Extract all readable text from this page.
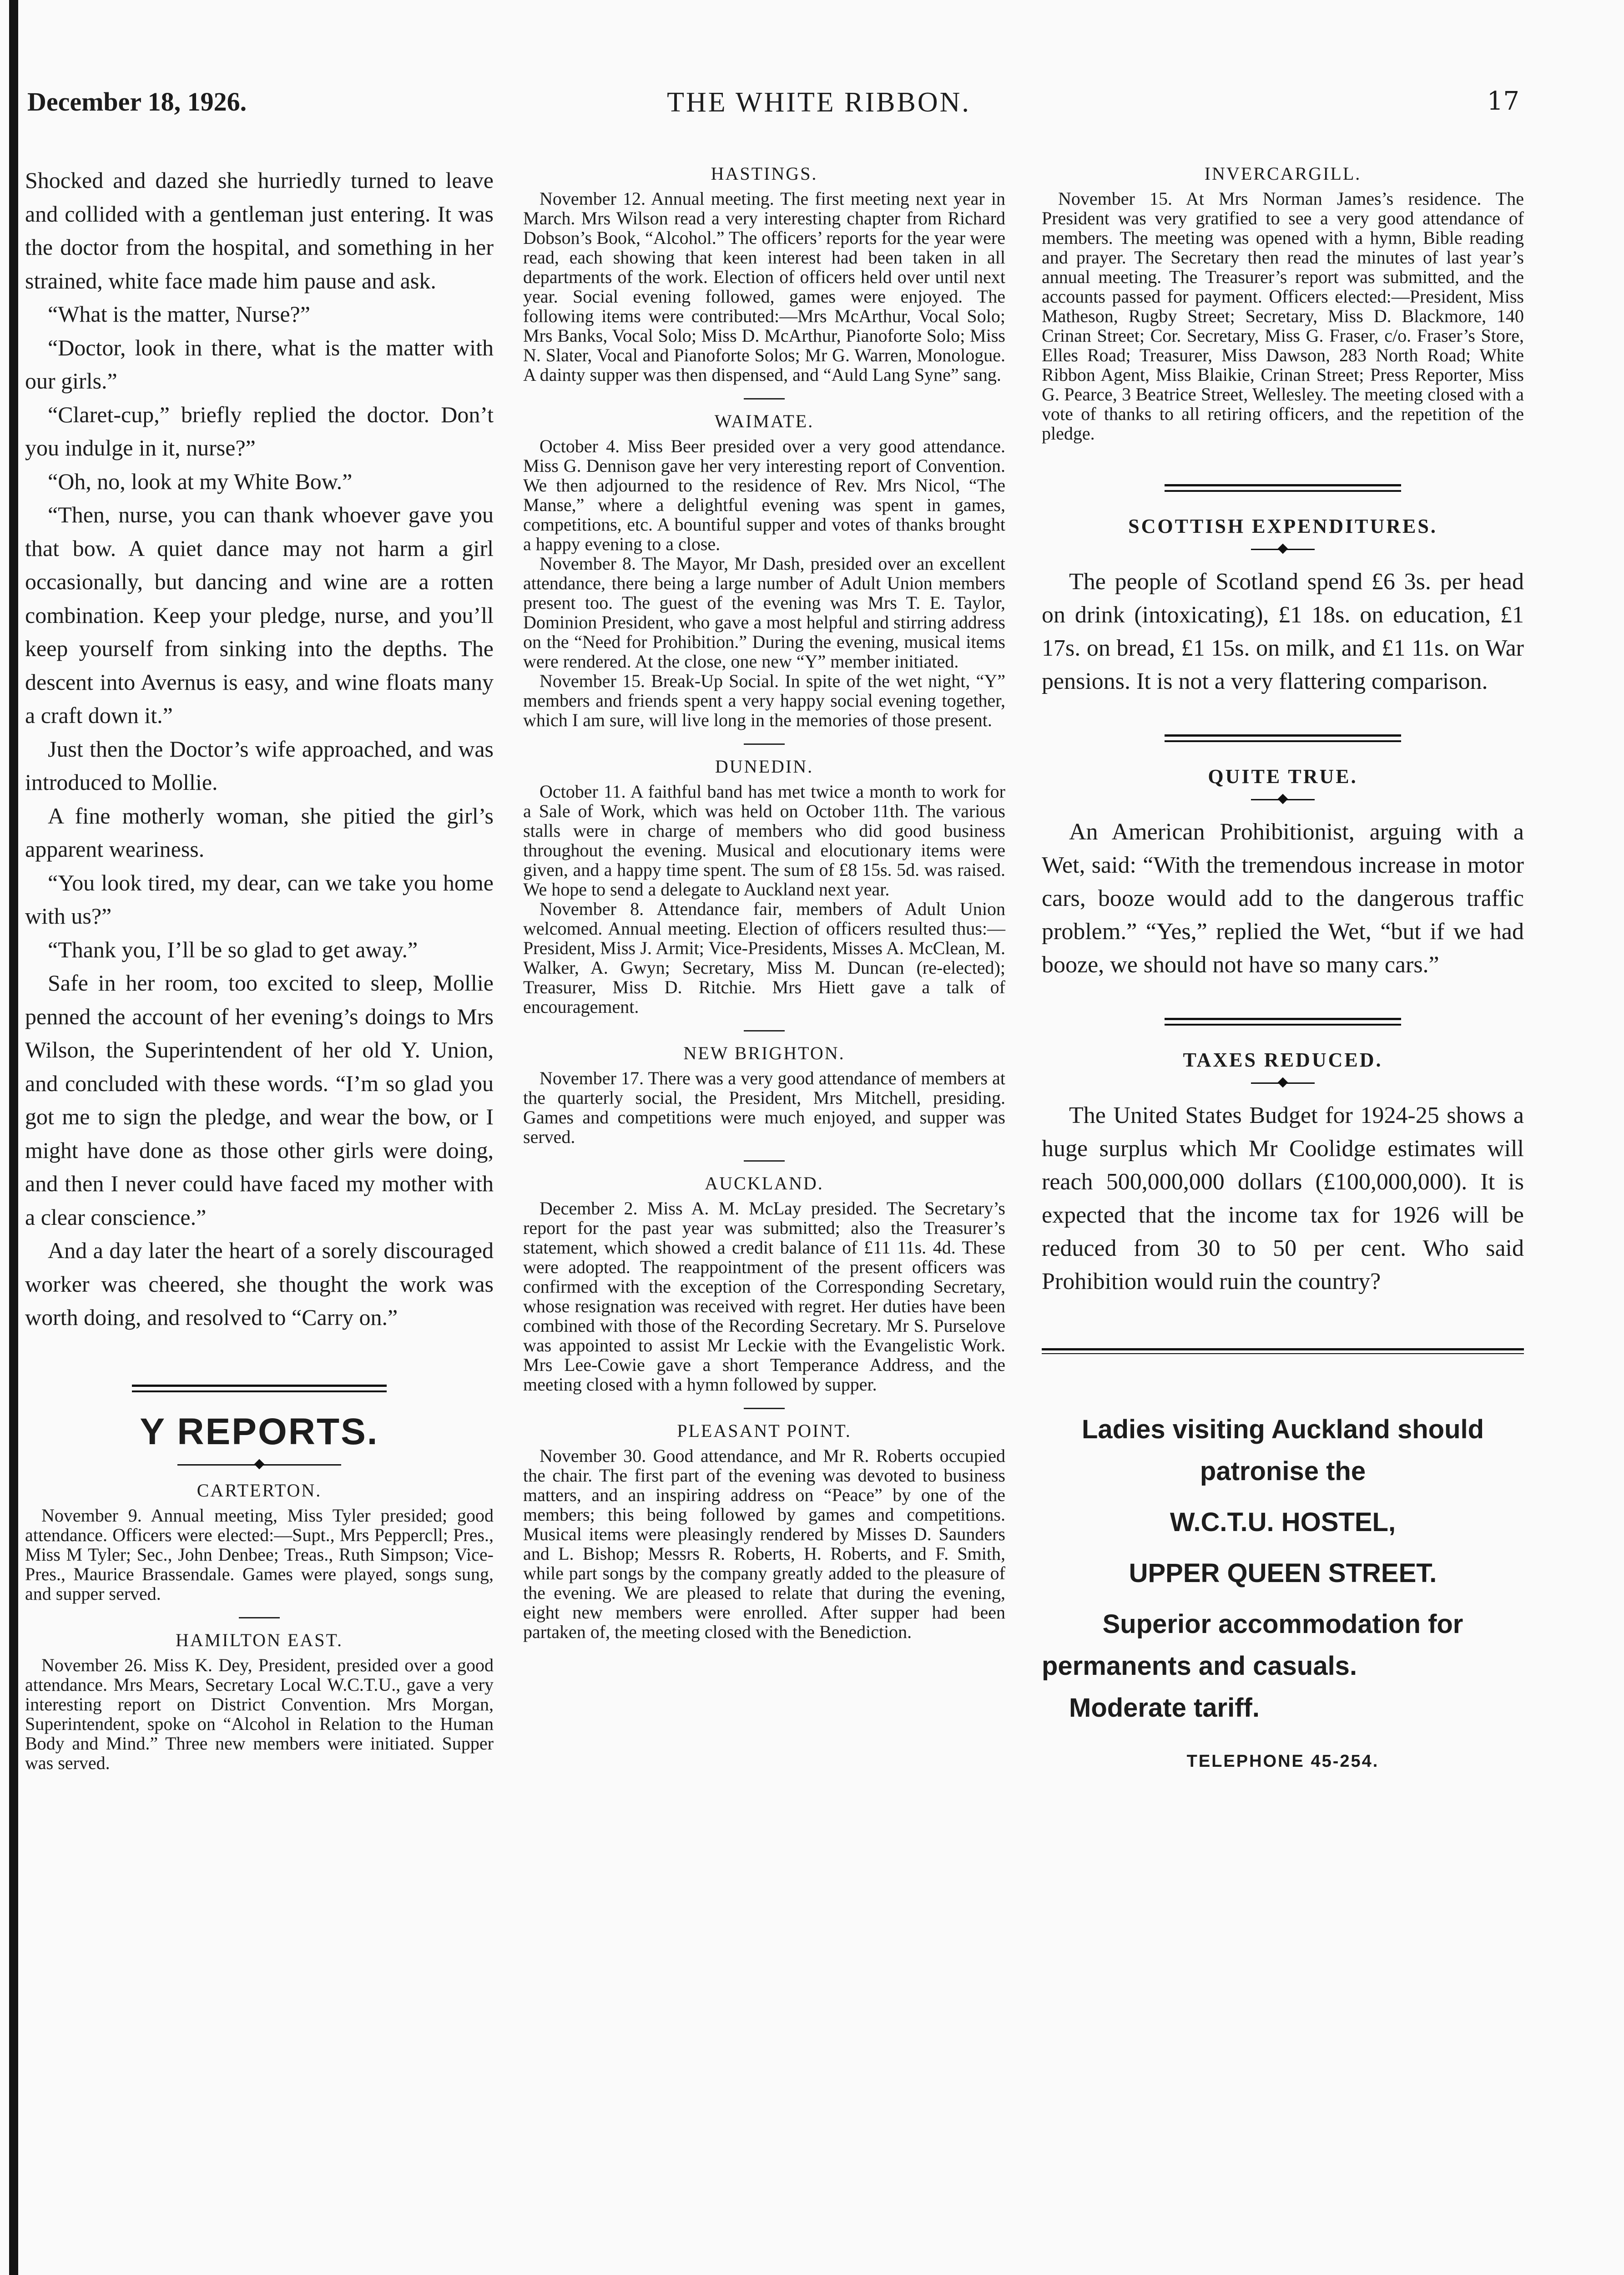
December 18, 1926.	THE WHITE RIBBON.	17

Shocked and dazed she hurriedly turned to leave and collided with a gentleman just entering. It was the doctor from the hospital, and something in her strained, white face made him pause and ask.

“What is the matter, Nurse?”

“Doctor, look in there, what is the matter with our girls.”

“Claret-cup,” briefly replied the doctor. Don’t you indulge in it, nurse?”

“Oh, no, look at my White Bow.”

“Then, nurse, you can thank whoever gave you that bow. A quiet dance may not harm a girl occasionally, but dancing and wine are a rotten combination. Keep your pledge, nurse, and you’ll keep yourself from sinking into the depths. The descent into Avernus is easy, and wine floats many a craft down it.”

Just then the Doctor’s wife approached, and was introduced to Mollie.

A fine motherly woman, she pitied the girl’s apparent weariness.

“You look tired, my dear, can we take you home with us?”

“Thank you, I’ll be so glad to get away.”

Safe in her room, too excited to sleep, Mollie penned the account of her evening’s doings to Mrs Wilson, the Superintendent of her old Y. Union, and concluded with these words. “I’m so glad you got me to sign the pledge, and wear the bow, or I might have done as those other girls were doing, and then I never could have faced my mother with a clear conscience.”

And a day later the heart of a sorely discouraged worker was cheered, she thought the work was worth doing, and resolved to “Carry on.”

Y REPORTS.
CARTERTON.

November 9. Annual meeting, Miss Tyler presided; good attendance. Officers were elected:—Supt., Mrs Peppercll; Pres., Miss M Tyler; Sec., John Denbee; Treas., Ruth Simpson; Vice-Pres., Maurice Brassendale. Games were played, songs sung, and supper served.

HAMILTON EAST.

November 26. Miss K. Dey, President, presided over a good attendance. Mrs Mears, Secretary Local W.C.T.U., gave a very interesting report on District Convention. Mrs Morgan, Superintendent, spoke on “Alcohol in Relation to the Human Body and Mind.” Three new members were initiated. Supper was served.

HASTINGS.

November 12. Annual meeting. The first meeting next year in March. Mrs Wilson read a very interesting chapter from Richard Dobson’s Book, “Alcohol.” The officers’ reports for the year were read, each showing that keen interest had been taken in all departments of the work. Election of officers held over until next year. Social evening followed, games were enjoyed. The following items were contributed:—Mrs McArthur, Vocal Solo; Mrs Banks, Vocal Solo; Miss D. McArthur, Pianoforte Solo; Miss N. Slater, Vocal and Pianoforte Solos; Mr G. Warren, Monologue. A dainty supper was then dispensed, and “Auld Lang Syne” sang.

WAIMATE.

October 4. Miss Beer presided over a very good attendance. Miss G. Dennison gave her very interesting report of Convention. We then adjourned to the residence of Rev. Mrs Nicol, “The Manse,” where a delightful evening was spent in games, competitions, etc. A bountiful supper and votes of thanks brought a happy evening to a close.

November 8. The Mayor, Mr Dash, presided over an excellent attendance, there being a large number of Adult Union members present too. The guest of the evening was Mrs T. E. Taylor, Dominion President, who gave a most helpful and stirring address on the “Need for Prohibition.” During the evening, musical items were rendered. At the close, one new “Y” member initiated.

November 15. Break-Up Social. In spite of the wet night, “Y” members and friends spent a very happy social evening together, which I am sure, will live long in the memories of those present.

DUNEDIN.

October 11. A faithful band has met twice a month to work for a Sale of Work, which was held on October 11th. The various stalls were in charge of members who did good business throughout the evening. Musical and elocutionary items were given, and a happy time spent. The sum of £8 15s. 5d. was raised. We hope to send a delegate to Auckland next year.

November 8. Attendance fair, members of Adult Union welcomed. Annual meeting. Election of officers resulted thus:—President, Miss J. Armit; Vice-Presidents, Misses A. McClean, M. Walker, A. Gwyn; Secretary, Miss M. Duncan (re-elected); Treasurer, Miss D. Ritchie. Mrs Hiett gave a talk of encouragement.

NEW BRIGHTON.

November 17. There was a very good attendance of members at the quarterly social, the President, Mrs Mitchell, presiding. Games and competitions were much enjoyed, and supper was served.

AUCKLAND.

December 2. Miss A. M. McLay presided. The Secretary’s report for the past year was submitted; also the Treasurer’s statement, which showed a credit balance of £11 11s. 4d. These were adopted. The reappointment of the present officers was confirmed with the exception of the Corresponding Secretary, whose resignation was received with regret. Her duties have been combined with those of the Recording Secretary. Mr S. Purselove was appointed to assist Mr Leckie with the Evangelistic Work. Mrs Lee-Cowie gave a short Temperance Address, and the meeting closed with a hymn followed by supper.

PLEASANT POINT.

November 30. Good attendance, and Mr R. Roberts occupied the chair. The first part of the evening was devoted to business matters, and an inspiring address on “Peace” by one of the members; this being followed by games and competitions. Musical items were pleasingly rendered by Misses D. Saunders and L. Bishop; Messrs R. Roberts, H. Roberts, and F. Smith, while part songs by the company greatly added to the pleasure of the evening. We are pleased to relate that during the evening, eight new members were enrolled. After supper had been partaken of, the meeting closed with the Benediction.

INVERCARGILL.

November 15. At Mrs Norman James’s residence. The President was very gratified to see a very good attendance of members. The meeting was opened with a hymn, Bible reading and prayer. The Secretary then read the minutes of last year’s annual meeting. The Treasurer’s report was submitted, and the accounts passed for payment. Officers elected:—President, Miss Matheson, Rugby Street; Secretary, Miss D. Blackmore, 140 Crinan Street; Cor. Secretary, Miss G. Fraser, c/o. Fraser’s Store, Elles Road; Treasurer, Miss Dawson, 283 North Road; White Ribbon Agent, Miss Blaikie, Crinan Street; Press Reporter, Miss G. Pearce, 3 Beatrice Street, Wellesley. The meeting closed with a vote of thanks to all retiring officers, and the repetition of the pledge.

SCOTTISH EXPENDITURES.

The people of Scotland spend £6 3s. per head on drink (intoxicating), £1 18s. on education, £1 17s. on bread, £1 15s. on milk, and £1 11s. on War pensions. It is not a very flattering comparison.

QUITE TRUE.

An American Prohibitionist, arguing with a Wet, said: “With the tremendous increase in motor cars, booze would add to the dangerous traffic problem.” “Yes,” replied the Wet, “but if we had booze, we should not have so many cars.”

TAXES REDUCED.

The United States Budget for 1924-25 shows a huge surplus which Mr Coolidge estimates will reach 500,000,000 dollars (£100,000,000). It is expected that the income tax for 1926 will be reduced from 30 to 50 per cent. Who said Prohibition would ruin the country?

Ladies visiting Auckland should
patronise the
W.C.T.U. HOSTEL,
UPPER QUEEN STREET.
Superior accommodation for
permanents and casuals.
Moderate tariff.
TELEPHONE 45-254.
